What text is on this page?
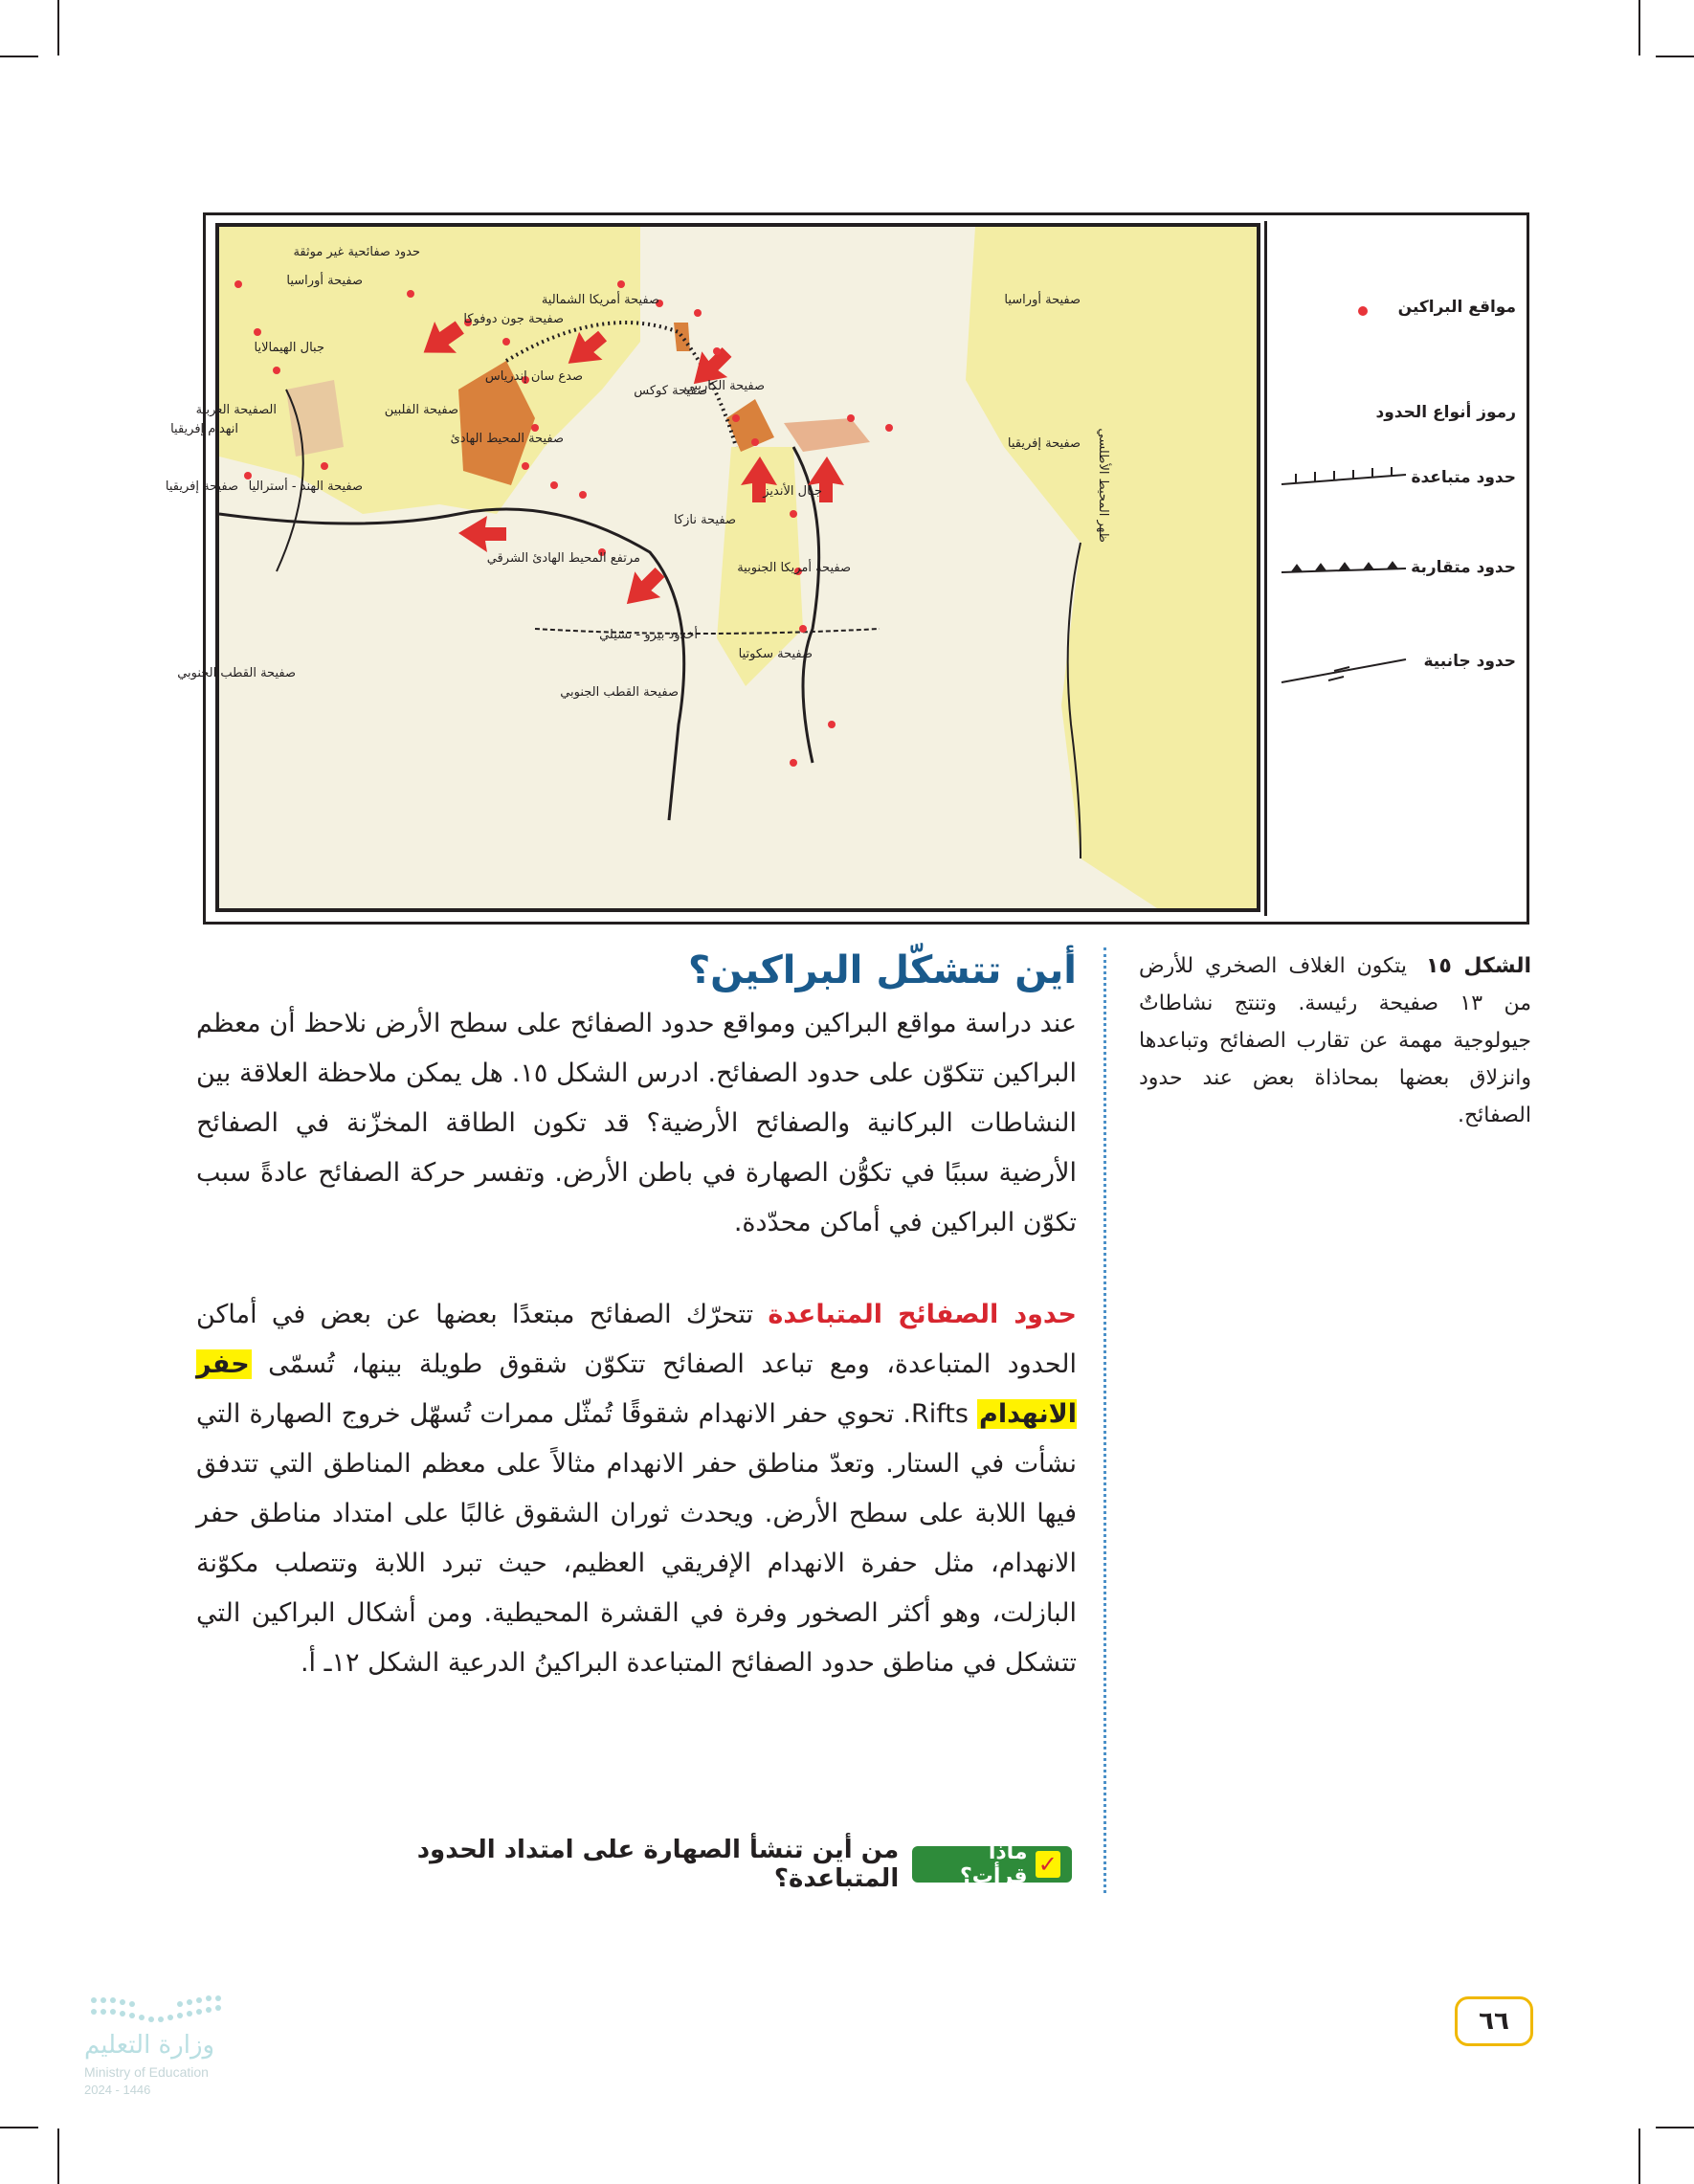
صفيحة أوراسيا
حدود صفائحية غير موثقة
الصفيحة العربية
انهدام إفريقيا
صفيحة إفريقيا
جبال الهيمالايا
صفيحة الهند - أستراليا
صفيحة الفلبين
صفيحة جون دوفوكا
صفيحة أمريكا الشمالية
صدع سان إندرياس
صفيحة المحيط الهادئ
صفيحة كوكس
صفيحة الكاريبي
مرتفع المحيط الهادئ الشرقي
صفيحة نازكا
جبال الأنديز
صفيحة أمريكا الجنوبية
أخدود بيرو - تشيلي
صفيحة سكوتيا
صفيحة القطب الجنوبي
صفيحة القطب الجنوبي
صفيحة أوراسيا
صفيحة إفريقيا ظهر المحيط الأطلسي
مواقع البراكين
رموز أنواع الحدود
حدود متباعدة
حدود متقاربة
حدود جانبية
الشكل ١٥ يتكون الغلاف الصخري للأرض من ١٣ صفيحة رئيسة. وتنتج نشاطاتٌ جيولوجية مهمة عن تقارب الصفائح وتباعدها وانزلاق بعضها بمحاذاة بعض عند حدود الصفائح.
أين تتشكّل البراكين؟

عند دراسة مواقع البراكين ومواقع حدود الصفائح على سطح الأرض نلاحظ أن معظم البراكين تتكوّن على حدود الصفائح. ادرس الشكل ١٥. هل يمكن ملاحظة العلاقة بين النشاطات البركانية والصفائح الأرضية؟ قد تكون الطاقة المخزّنة في الصفائح الأرضية سببًا في تكوُّن الصهارة في باطن الأرض. وتفسر حركة الصفائح عادةً سبب تكوّن البراكين في أماكن محدّدة.

حدود الصفائح المتباعدة تتحرّك الصفائح مبتعدًا بعضها عن بعض في أماكن الحدود المتباعدة، ومع تباعد الصفائح تتكوّن شقوق طويلة بينها، تُسمّى حفر الانهدام Rifts. تحوي حفر الانهدام شقوقًا تُمثّل ممرات تُسهّل خروج الصهارة التي نشأت في الستار. وتعدّ مناطق حفر الانهدام مثالاً على معظم المناطق التي تتدفق فيها اللابة على سطح الأرض. ويحدث ثوران الشقوق غالبًا على امتداد مناطق حفر الانهدام، مثل حفرة الانهدام الإفريقي العظيم، حيث تبرد اللابة وتتصلب مكوّنة البازلت، وهو أكثر الصخور وفرة في القشرة المحيطية. ومن أشكال البراكين التي تتشكل في مناطق حدود الصفائح المتباعدة البراكينُ الدرعية الشكل ١٢ـ أ.

✓
ماذا قرأت؟
من أين تنشأ الصهارة على امتداد الحدود المتباعدة؟
٦٦
وزارة التعليم
Ministry of Education
2024 - 1446
